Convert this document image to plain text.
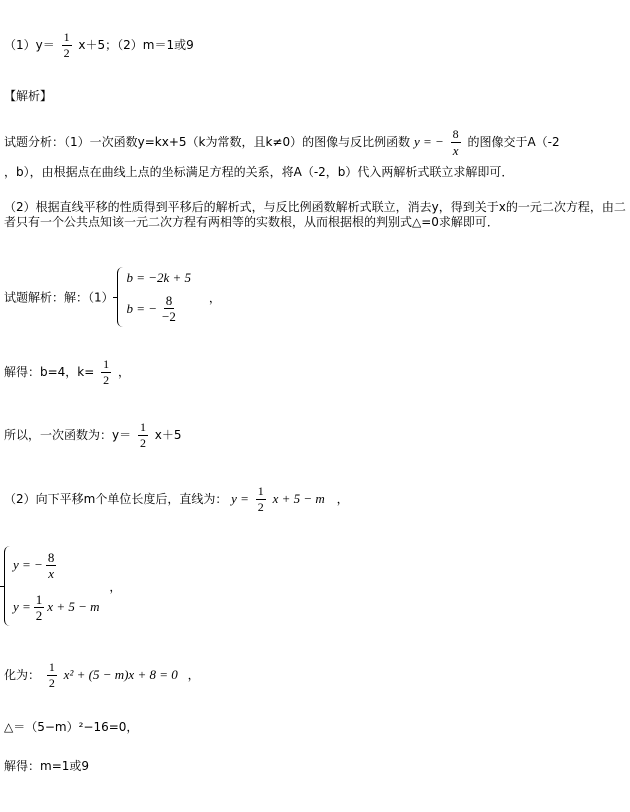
$(1)y= \frac{1}{2} x+5$；（2）m＝1或9
【解析】
试题分析：（1）一次函数y=kx+5（k为常数，且k≠0）的图像与反比例函数 y = − $\frac{8}{x}$ 的图像交于A（-2
，b），由根据点在曲线上点的坐标满足方程的关系，将A（-2，b）代入两解析式联立求解即可．
（2）根据直线平移的性质得到平移后的解析式，与反比例函数解析式联立，消去y，得到关于x的一元二次方程，由二者只有一个公共点知该一元二次方程有两相等的实数根，从而根据根的判别式△=0求解即可．
试题解析：解：（1）
b = −2k + 5
b = − $\frac{8}{-2}$	，
解得：b=4，$k= \frac{1}{2}$ ，
所以，一次函数为：$y= \frac{1}{2} x+5$
（2）向下平移m个单位长度后，直线为： $y = \frac{1}{2}$ x + 5 − m ，
y = − $\frac{8}{x}$
$y = \frac{1}{2}$ x + 5 − m
，
化为： $\frac{1}{2} x^2 + (5 - m)x + 8 = 0$ ，
△＝（5−m）²−16=0，
解得：m=1或9
